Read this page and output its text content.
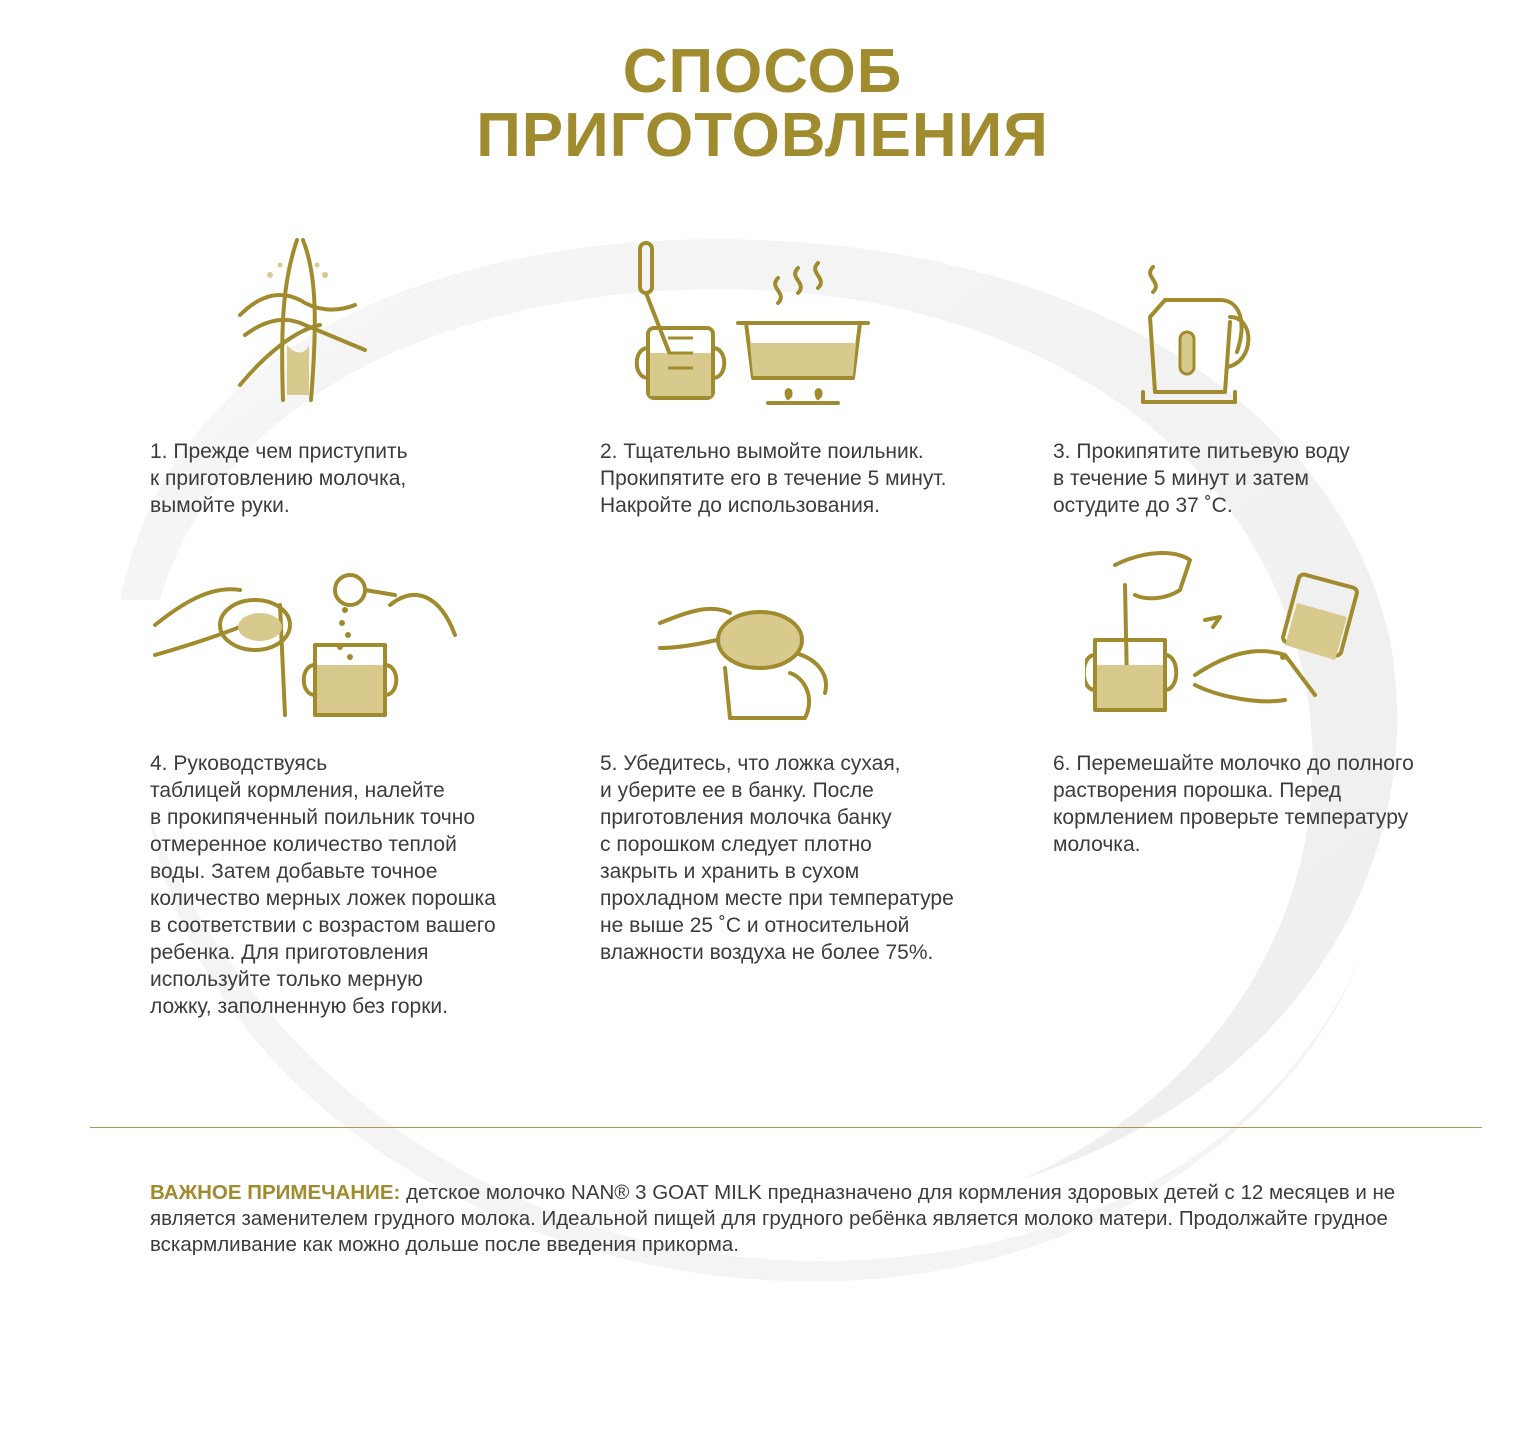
СПОСОБ
ПРИГОТОВЛЕНИЯ

1. Прежде чем приступить
к приготовлению молочка,
вымойте руки.

2. Тщательно вымойте поильник.
Прокипятите его в течение 5 минут.
Накройте до использования.

3. Прокипятите питьевую воду
в течение 5 минут и затем
остудите до 37 ˚С.

4. Руководствуясь
таблицей кормления, налейте
в прокипяченный поильник точно
отмеренное количество теплой
воды. Затем добавьте точное
количество мерных ложек порошка
в соответствии с возрастом вашего
ребенка. Для приготовления
используйте только мерную
ложку, заполненную без горки.

5. Убедитесь, что ложка сухая,
и уберите ее в банку. После
приготовления молочка банку
с порошком следует плотно
закрыть и хранить в сухом
прохладном месте при температуре
не выше 25 ˚С и относительной
влажности воздуха не более 75%.

6. Перемешайте молочко до полного
растворения порошка. Перед
кормлением проверьте температуру
молочка.

ВАЖНОЕ ПРИМЕЧАНИЕ: детское молочко NAN® 3 GOAT MILK предназначено для кормления здоровых детей с 12 месяцев и не является заменителем грудного молока. Идеальной пищей для грудного ребёнка является молоко матери. Продолжайте грудное вскармливание как можно дольше после введения прикорма.
